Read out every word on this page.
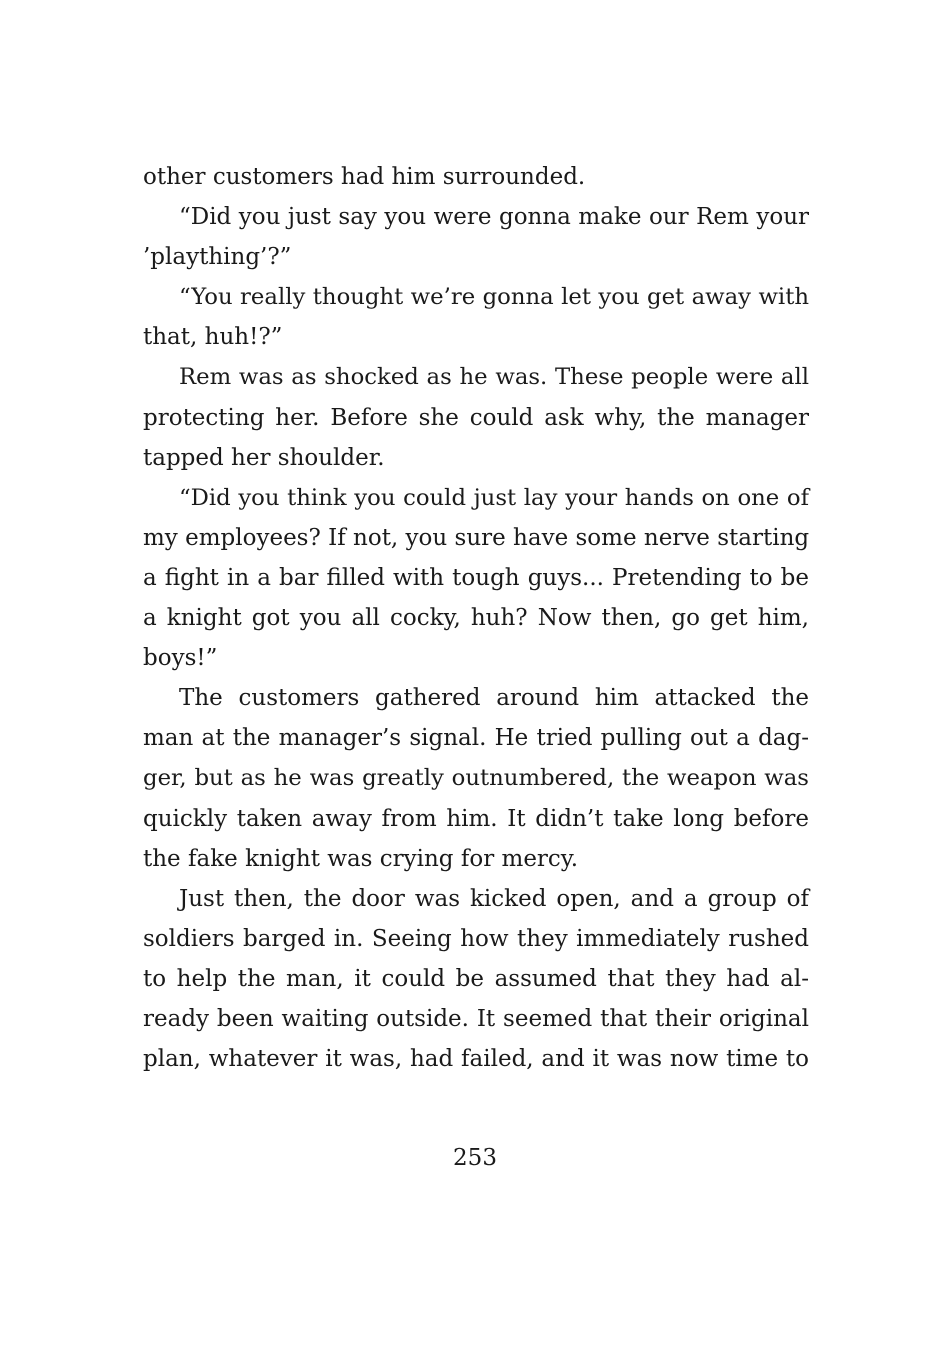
other customers had him surrounded.
“Did you just say you were gonna make our Rem your
’plaything’?”
“You really thought we’re gonna let you get away with
that, huh!?”
Rem was as shocked as he was. These people were all
protecting her. Before she could ask why, the manager
tapped her shoulder.
“Did you think you could just lay your hands on one of
my employees? If not, you sure have some nerve starting
a fight in a bar filled with tough guys... Pretending to be
a knight got you all cocky, huh? Now then, go get him,
boys!”
The customers gathered around him attacked the
man at the manager’s signal. He tried pulling out a dag-
ger, but as he was greatly outnumbered, the weapon was
quickly taken away from him. It didn’t take long before
the fake knight was crying for mercy.
Just then, the door was kicked open, and a group of
soldiers barged in. Seeing how they immediately rushed
to help the man, it could be assumed that they had al-
ready been waiting outside. It seemed that their original
plan, whatever it was, had failed, and it was now time to
253
